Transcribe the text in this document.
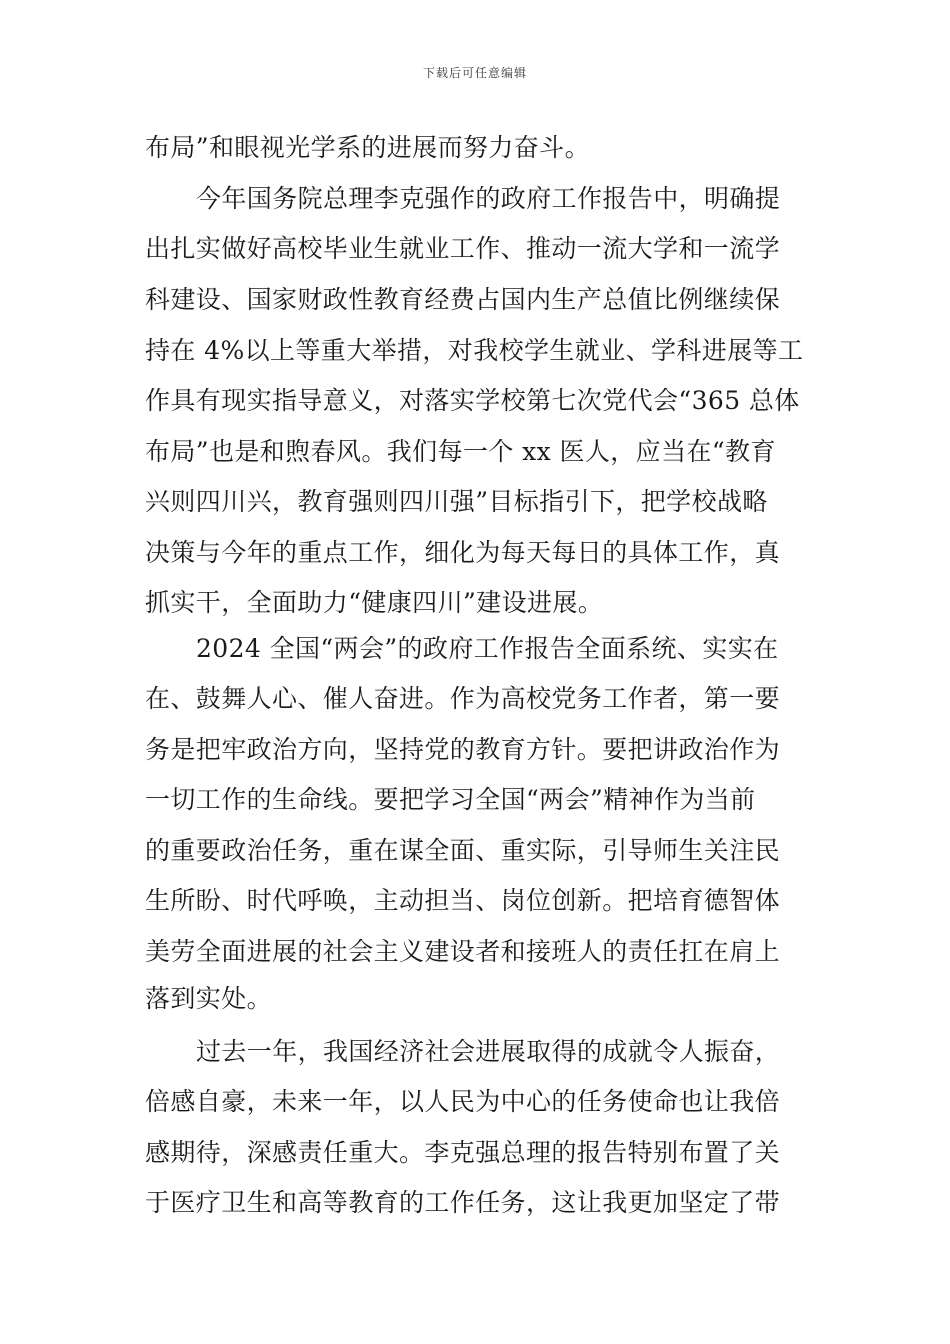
下载后可任意编辑
布局”和眼视光学系的进展而努力奋斗。
今年国务院总理李克强作的政府工作报告中，明确提
出扎实做好高校毕业生就业工作、推动一流大学和一流学
科建设、国家财政性教育经费占国内生产总值比例继续保
持在 4%以上等重大举措，对我校学生就业、学科进展等工
作具有现实指导意义，对落实学校第七次党代会“365 总体
布局”也是和煦春风。我们每一个 xx 医人，应当在“教育
兴则四川兴，教育强则四川强”目标指引下，把学校战略
决策与今年的重点工作，细化为每天每日的具体工作，真
抓实干，全面助力“健康四川”建设进展。
2024 全国“两会”的政府工作报告全面系统、实实在
在、鼓舞人心、催人奋进。作为高校党务工作者，第一要
务是把牢政治方向，坚持党的教育方针。要把讲政治作为
一切工作的生命线。要把学习全国“两会”精神作为当前
的重要政治任务，重在谋全面、重实际，引导师生关注民
生所盼、时代呼唤，主动担当、岗位创新。把培育德智体
美劳全面进展的社会主义建设者和接班人的责任扛在肩上
落到实处。
过去一年，我国经济社会进展取得的成就令人振奋，
倍感自豪，未来一年，以人民为中心的任务使命也让我倍
感期待，深感责任重大。李克强总理的报告特别布置了关
于医疗卫生和高等教育的工作任务，这让我更加坚定了带
